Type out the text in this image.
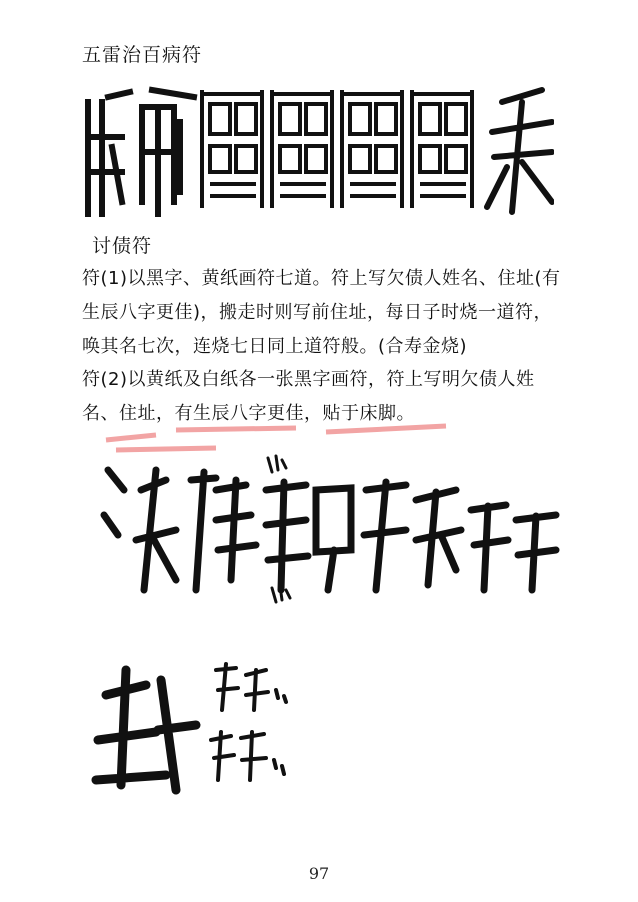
五雷治百病符
讨债符
符(1)以黑字、黄纸画符七道。符上写欠债人姓名、住址(有生辰八字更佳)，搬走时则写前住址，每日子时烧一道符，唤其名七次，连烧七日同上道符般。(合寿金烧)
符(2)以黄纸及白纸各一张黑字画符，符上写明欠债人姓名、住址，有生辰八字更佳，贴于床脚。
97
